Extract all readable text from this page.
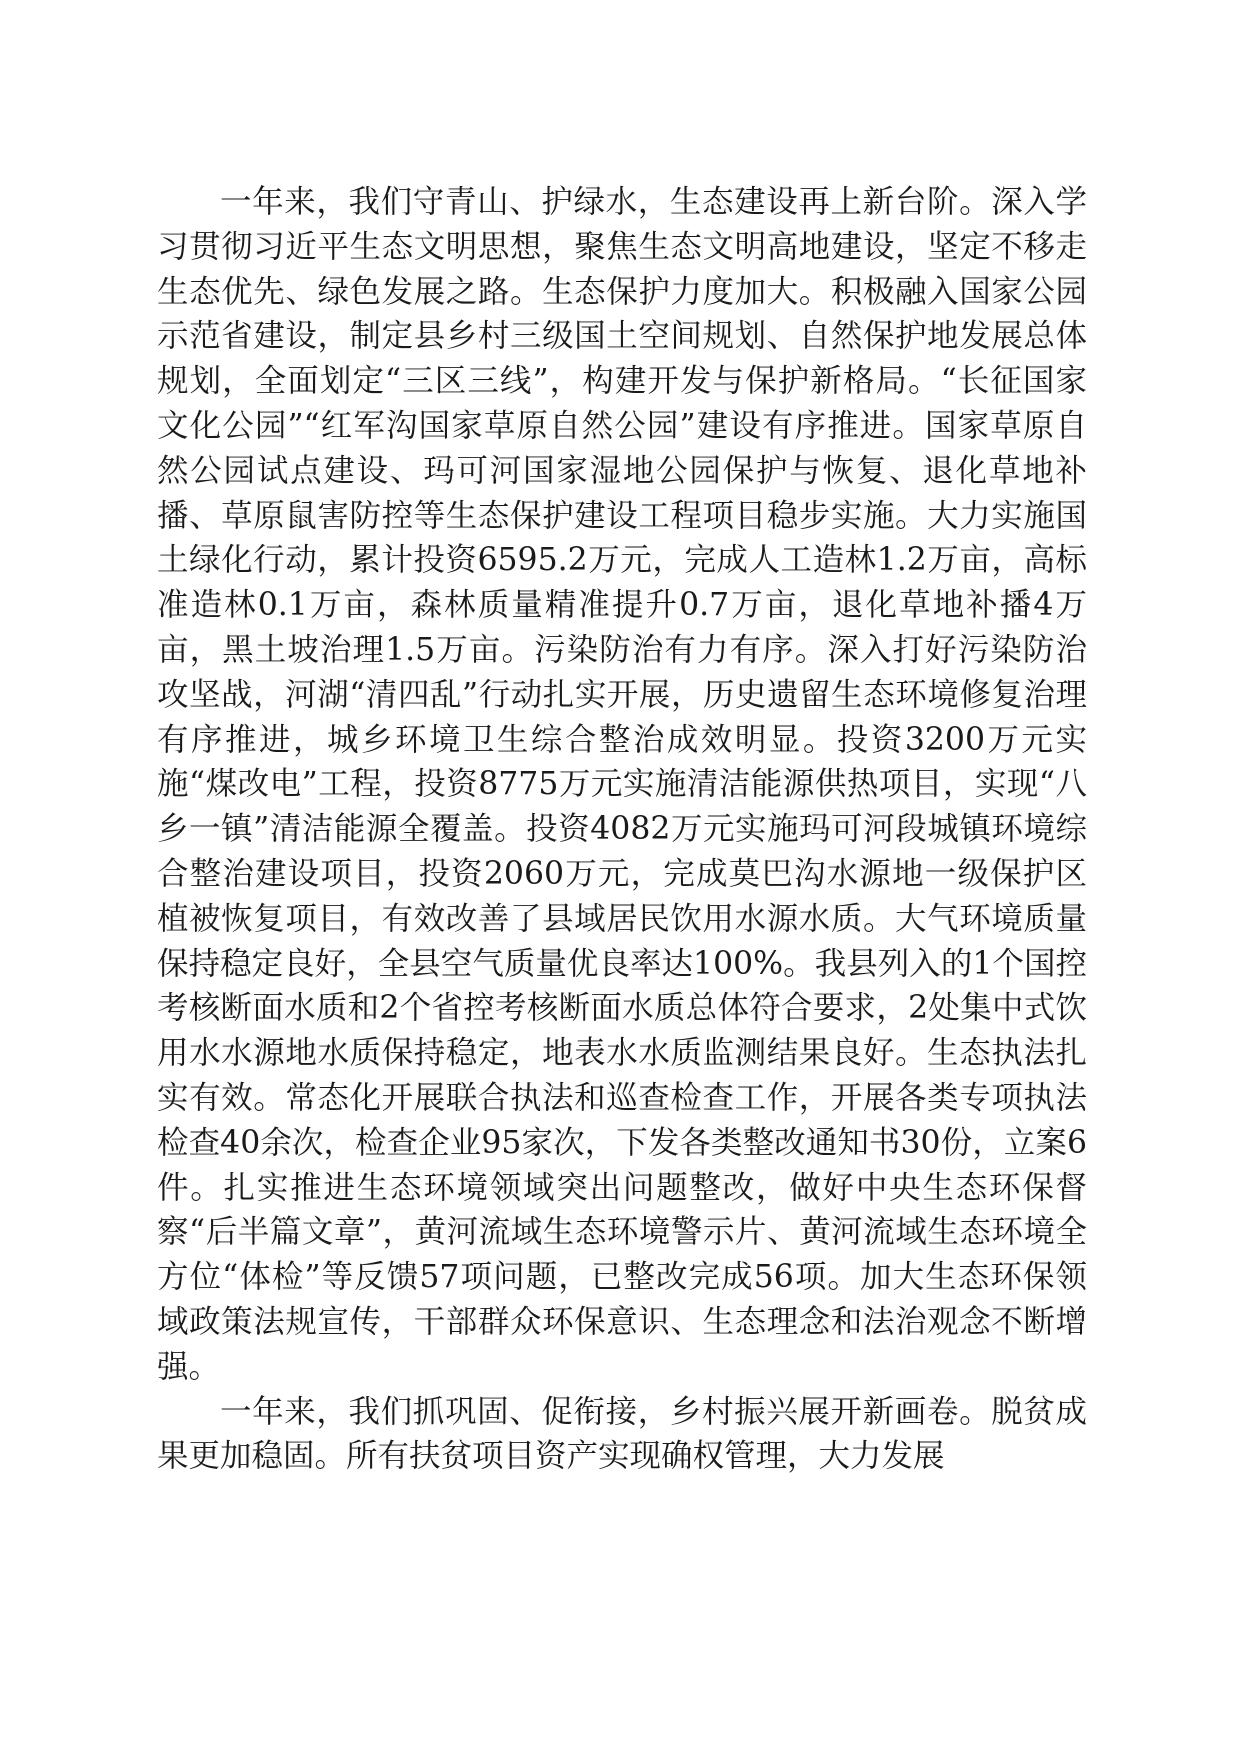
一年来，我们守青山、护绿水，生态建设再上新台阶。深入学习贯彻习近平生态文明思想，聚焦生态文明高地建设，坚定不移走生态优先、绿色发展之路。生态保护力度加大。积极融入国家公园示范省建设，制定县乡村三级国土空间规划、自然保护地发展总体规划，全面划定“三区三线”，构建开发与保护新格局。“长征国家文化公园”“红军沟国家草原自然公园”建设有序推进。国家草原自然公园试点建设、玛可河国家湿地公园保护与恢复、退化草地补播、草原鼠害防控等生态保护建设工程项目稳步实施。大力实施国土绿化行动，累计投资6595.2万元，完成人工造林1.2万亩，高标准造林0.1万亩，森林质量精准提升0.7万亩，退化草地补播4万亩，黑土坡治理1.5万亩。污染防治有力有序。深入打好污染防治攻坚战，河湖“清四乱”行动扎实开展，历史遗留生态环境修复治理有序推进，城乡环境卫生综合整治成效明显。投资3200万元实施“煤改电”工程，投资8775万元实施清洁能源供热项目，实现“八乡一镇”清洁能源全覆盖。投资4082万元实施玛可河段城镇环境综合整治建设项目，投资2060万元，完成莫巴沟水源地一级保护区植被恢复项目，有效改善了县域居民饮用水源水质。大气环境质量保持稳定良好，全县空气质量优良率达100%。我县列入的1个国控考核断面水质和2个省控考核断面水质总体符合要求，2处集中式饮用水水源地水质保持稳定，地表水水质监测结果良好。生态执法扎实有效。常态化开展联合执法和巡查检查工作，开展各类专项执法检查40余次，检查企业95家次，下发各类整改通知书30份，立案6件。扎实推进生态环境领域突出问题整改，做好中央生态环保督察“后半篇文章”，黄河流域生态环境警示片、黄河流域生态环境全方位“体检”等反馈57项问题，已整改完成56项。加大生态环保领域政策法规宣传，干部群众环保意识、生态理念和法治观念不断增强。

一年来，我们抓巩固、促衔接，乡村振兴展开新画卷。脱贫成果更加稳固。所有扶贫项目资产实现确权管理，大力发展
